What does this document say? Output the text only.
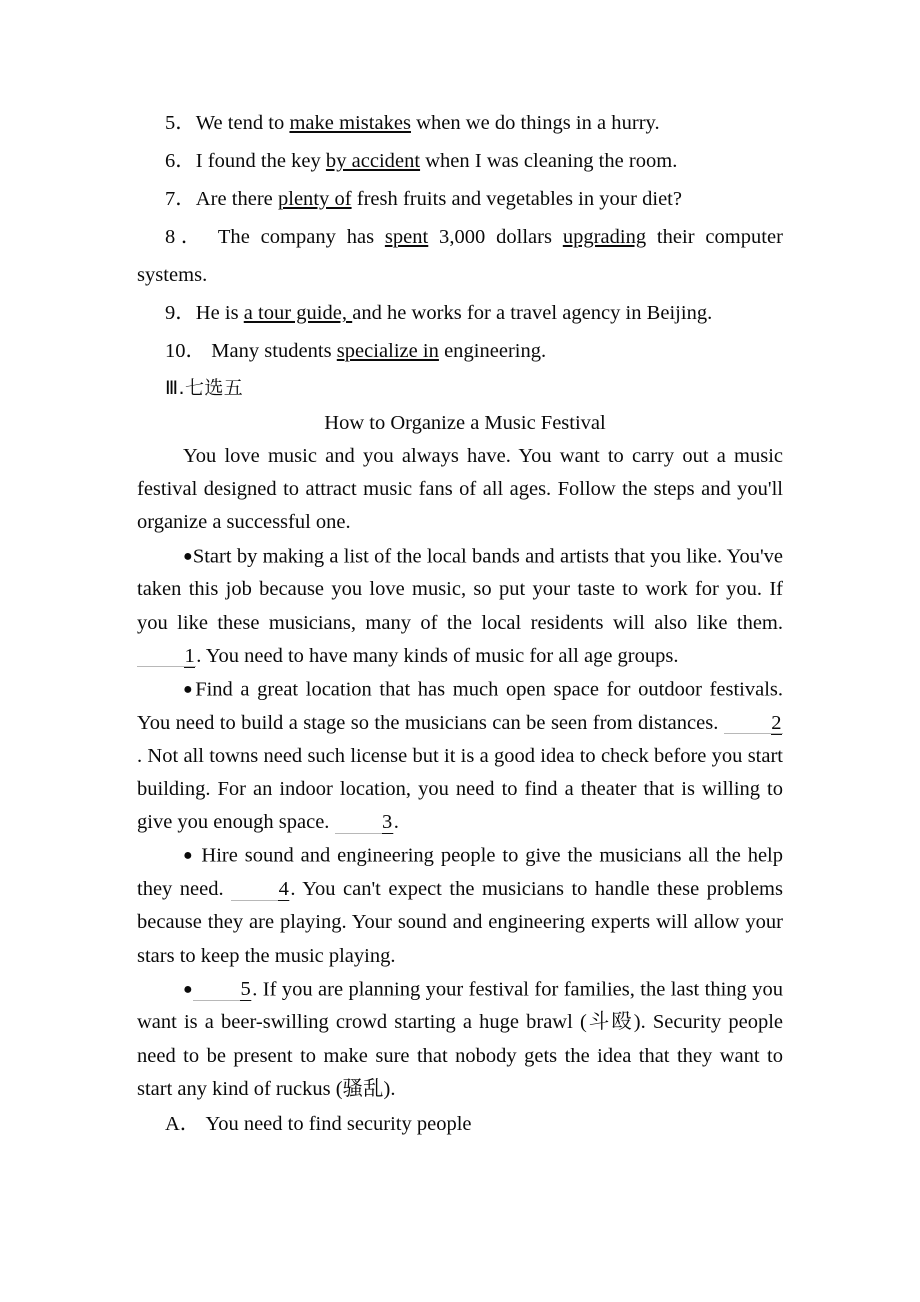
5．We tend to make mistakes when we do things in a hurry.

6．I found the key by accident when I was cleaning the room.

7．Are there plenty of fresh fruits and vegetables in your diet?

8． The company has spent 3,000 dollars upgrading their computer systems.

9．He is a tour guide, and he works for a travel agency in Beijing.

10． Many students specialize in engineering.

Ⅲ.七选五

How to Organize a Music Festival

You love music and you always have. You want to carry out a music festival designed to attract music fans of all ages. Follow the steps and you'll organize a successful one.

●Start by making a list of the local bands and artists that you like. You've taken this job because you love music, so put your taste to work for you. If you like these musicians, many of the local residents will also like them. 1. You need to have many kinds of music for all age groups.

●Find a great location that has much open space for outdoor festivals. You need to build a stage so the musicians can be seen from distances. 2. Not all towns need such license but it is a good idea to check before you start building. For an indoor location, you need to find a theater that is willing to give you enough space. 3.

● Hire sound and engineering people to give the musicians all the help they need. 4. You can't expect the musicians to handle these problems because they are playing. Your sound and engineering experts will allow your stars to keep the music playing.

● 5. If you are planning your festival for families, the last thing you want is a beer-swilling crowd starting a huge brawl (斗殴). Security people need to be present to make sure that nobody gets the idea that they want to start any kind of ruckus (骚乱).

A． You need to find security people
